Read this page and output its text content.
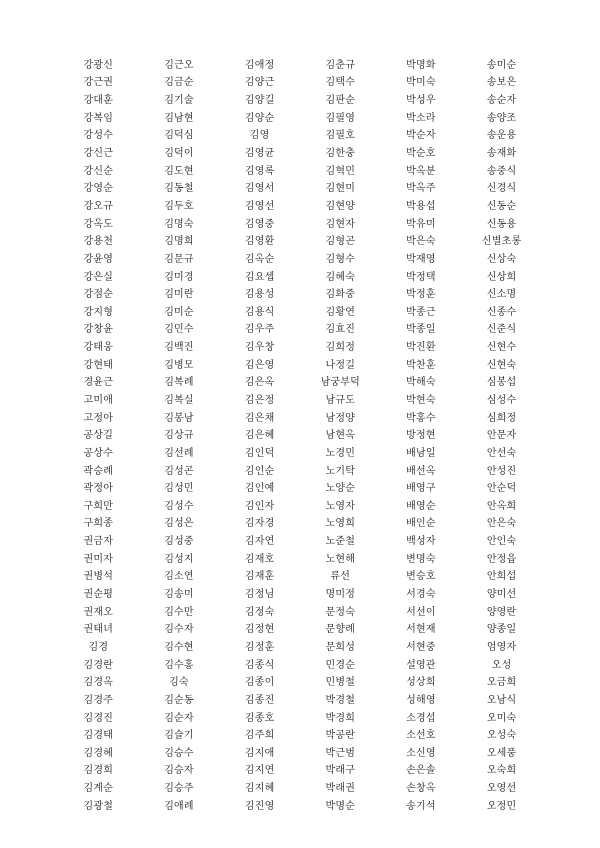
강광신	김근오	김애정	김춘규	박명화	송미순
강근권	김금순	김양근	김택수	박미숙	송보은
강대훈	김기술	김양길	김판순	박성우	송순자
강복임	김남현	김양순	김필영	박소라	송양조
강성수	김덕심	김영	김필호	박순자	송운용
강신근	김덕이	김영균	김한충	박순호	송재화
강신순	김도현	김영록	김혁민	박옥분	송중식
강영순	김동철	김영서	김현미	박옥주	신경식
강오규	김두호	김영선	김현양	박용섭	신동순
강옥도	김명숙	김영중	김현자	박유미	신동용
강용천	김명희	김영환	김형곤	박은숙	신별초롱
강윤영	김문규	김옥순	김형수	박재영	신상숙
강은실	김미경	김요셉	김혜숙	박정택	신상희
강점순	김미란	김용성	김화중	박정훈	신소명
강지형	김미순	김용식	김황연	박종근	신종수
강창윤	김민수	김우주	김효진	박종일	신준식
강태웅	김백진	김우창	김희정	박진환	신현수
강현태	김병모	김은영	나정길	박찬훈	신현숙
경윤근	김복례	김은옥	남궁부덕	박해숙	심봉섭
고미애	김복실	김은정	남규도	박현숙	심성수
고정아	김봉남	김은채	남정양	박홍수	심희정
공상길	김상규	김은혜	남현옥	방정현	안문자
공상수	김선례	김인덕	노경민	배남일	안선숙
곽승례	김성곤	김인순	노기탁	배선옥	안성진
곽정아	김성민	김인예	노양순	배영구	안순덕
구희만	김성수	김인자	노영자	배영순	안옥희
구희종	김성은	김자경	노영희	배인순	안은숙
권금자	김성중	김자연	노준철	백성자	안인숙
권미자	김성지	김재호	노현해	변명숙	안정읍
권병석	김소연	김재훈	류선	변승호	안희섭
권순평	김송미	김정님	명미정	서경숙	양미선
권재오	김수만	김정숙	문정숙	서선이	양영란
권태녀	김수자	김정현	문향례	서현재	양종일
김경	김수현	김정훈	문희성	서현중	엄영자
김경란	김수홍	김종식	민경순	설영관	오성
김경옥	김숙	김종이	민병철	성상희	오금희
김경주	김순동	김종진	박경철	성해영	오남식
김경진	김순자	김종호	박경희	소경섭	오미숙
김경태	김슬기	김주희	박공란	소선호	오성숙
김경혜	김승수	김지애	박근범	소신영	오세풍
김경희	김승자	김지연	박래구	손은솔	오숙희
김계순	김승주	김지혜	박래권	손창옥	오영선
김광철	김애례	김진영	박명순	송기석	오정민
